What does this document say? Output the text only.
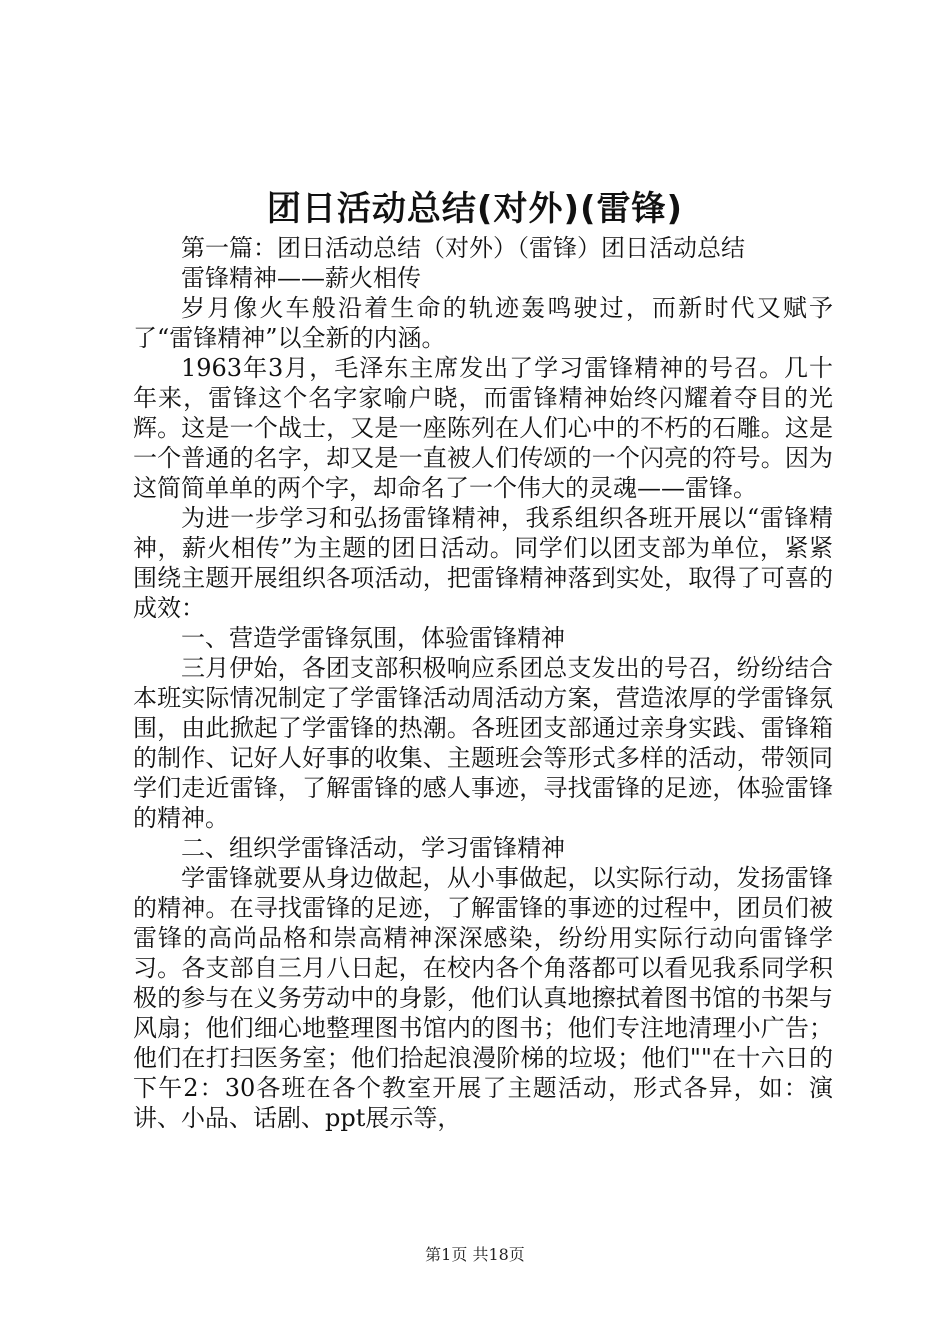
团日活动总结(对外)(雷锋)

第一篇：团日活动总结（对外）（雷锋）团日活动总结

雷锋精神——薪火相传

岁月像火车般沿着生命的轨迹轰鸣驶过，而新时代又赋予了“雷锋精神”以全新的内涵。

1963年3月，毛泽东主席发出了学习雷锋精神的号召。几十年来，雷锋这个名字家喻户晓，而雷锋精神始终闪耀着夺目的光辉。这是一个战士，又是一座陈列在人们心中的不朽的石雕。这是一个普通的名字，却又是一直被人们传颂的一个闪亮的符号。因为这简简单单的两个字，却命名了一个伟大的灵魂——雷锋。

为进一步学习和弘扬雷锋精神，我系组织各班开展以“雷锋精神，薪火相传”为主题的团日活动。同学们以团支部为单位，紧紧围绕主题开展组织各项活动，把雷锋精神落到实处，取得了可喜的成效：

一、营造学雷锋氛围，体验雷锋精神

三月伊始，各团支部积极响应系团总支发出的号召，纷纷结合本班实际情况制定了学雷锋活动周活动方案，营造浓厚的学雷锋氛围，由此掀起了学雷锋的热潮。各班团支部通过亲身实践、雷锋箱的制作、记好人好事的收集、主题班会等形式多样的活动，带领同学们走近雷锋，了解雷锋的感人事迹，寻找雷锋的足迹，体验雷锋的精神。

二、组织学雷锋活动，学习雷锋精神

学雷锋就要从身边做起，从小事做起，以实际行动，发扬雷锋的精神。在寻找雷锋的足迹，了解雷锋的事迹的过程中，团员们被雷锋的高尚品格和崇高精神深深感染，纷纷用实际行动向雷锋学习。各支部自三月八日起，在校内各个角落都可以看见我系同学积极的参与在义务劳动中的身影，他们认真地擦拭着图书馆的书架与风扇；他们细心地整理图书馆内的图书；他们专注地清理小广告；他们在打扫医务室；他们拾起浪漫阶梯的垃圾；他们""在十六日的下午2：30各班在各个教室开展了主题活动，形式各异，如：演讲、小品、话剧、ppt展示等，

第1页 共18页
